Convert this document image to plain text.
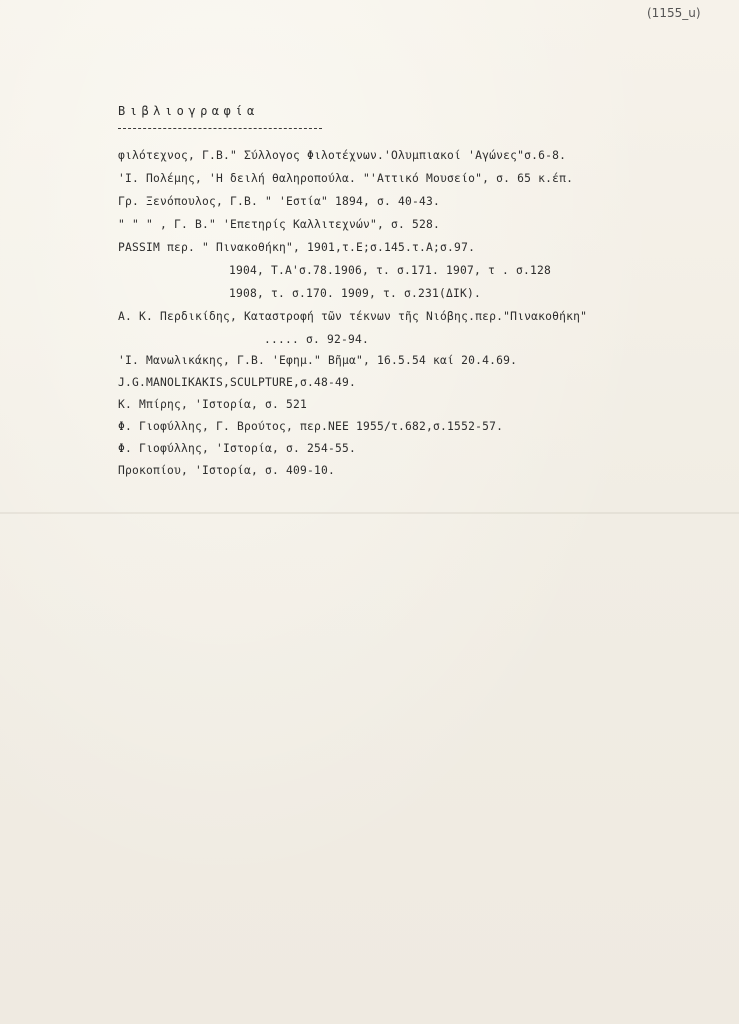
(1155_u)
Βιβλιογραφία
φιλότεχνος, Γ.Β." Σύλλογος Φιλοτέχνων.'Ολυμπιακοί 'Αγώνες"σ.6-8.
'Ι. Πολέμης, 'Η δειλή θαληροπούλα. "'Αττικό Μουσείο", σ. 65 κ.έπ.
Γρ. Ξενόπουλος, Γ.Β. " 'Εστία" 1894, σ. 40-43.
" " " , Γ. Β." 'Επετηρίς Καλλιτεχνών", σ. 528.
PASSIM περ. " Πινακοθήκη", 1901,τ.Ε;σ.145.τ.Α;σ.97.
1904, Τ.Α'σ.78.1906, τ. σ.171. 1907, τ . σ.128
1908, τ. σ.170. 1909, τ. σ.231(ΔΙΚ).
Α. Κ. Περδικίδης, Καταστροφή τῶν τέκνων τῆς Νιόβης.περ."Πινακοθήκη"
..... σ. 92-94.
'Ι. Μανωλικάκης, Γ.Β. 'Εφημ." Βῆμα", 16.5.54 καί 20.4.69.
J.G.MANOLIKAKIS,SCULPTURE,σ.48-49.
Κ. Μπίρης, 'Ιστορία, σ. 521
Φ. Γιοφύλλης, Γ. Βρούτος, περ.ΝΕΕ 1955/τ.682,σ.1552-57.
Φ. Γιοφύλλης, 'Ιστορία, σ. 254-55.
Προκοπίου, 'Ιστορία, σ. 409-10.
